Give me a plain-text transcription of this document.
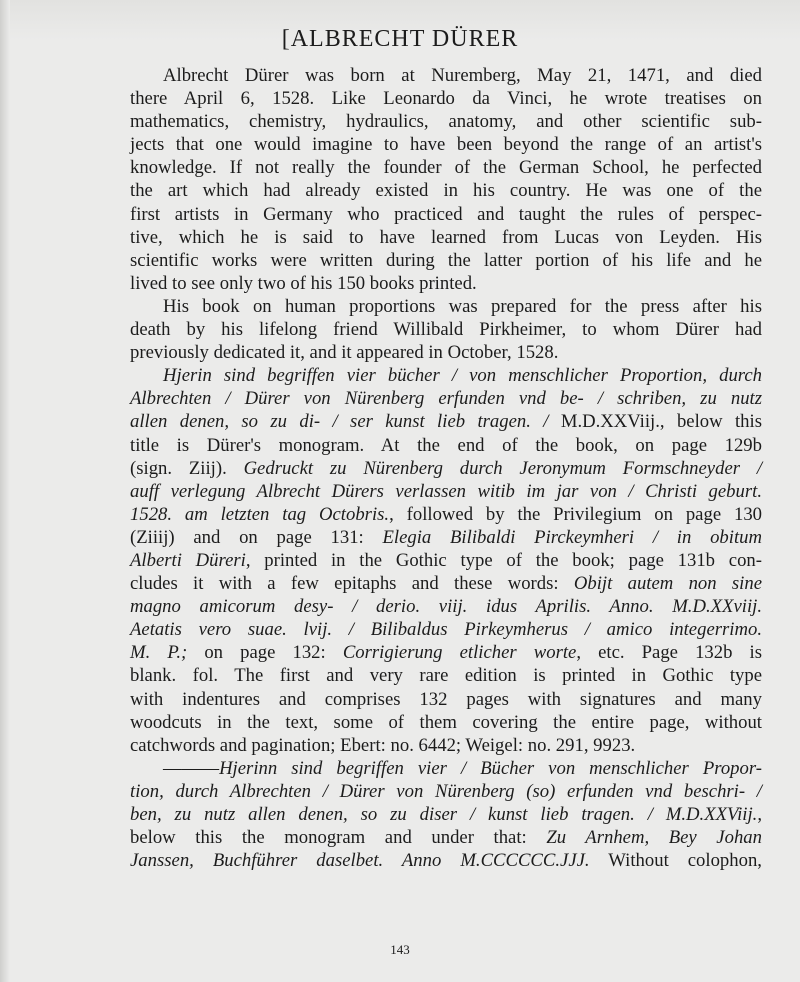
[ALBRECHT DÜRER

Albrecht Dürer was born at Nuremberg, May 21, 1471, and died
there April 6, 1528. Like Leonardo da Vinci, he wrote treatises on
mathematics, chemistry, hydraulics, anatomy, and other scientific sub-
jects that one would imagine to have been beyond the range of an artist's
knowledge. If not really the founder of the German School, he perfected
the art which had already existed in his country. He was one of the
first artists in Germany who practiced and taught the rules of perspec-
tive, which he is said to have learned from Lucas von Leyden. His
scientific works were written during the latter portion of his life and he
lived to see only two of his 150 books printed.

His book on human proportions was prepared for the press after his
death by his lifelong friend Willibald Pirkheimer, to whom Dürer had
previously dedicated it, and it appeared in October, 1528.

Hjerin sind begriffen vier bücher / von menschlicher Proportion, durch
Albrechten / Dürer von Nürenberg erfunden vnd be- / schriben, zu nutz
allen denen, so zu di- / ser kunst lieb tragen. / M.D.XXViij., below this
title is Dürer's monogram. At the end of the book, on page 129b
(sign. Ziij). Gedruckt zu Nürenberg durch Jeronymum Formschneyder /
auff verlegung Albrecht Dürers verlassen witib im jar von / Christi geburt.
1528. am letzten tag Octobris., followed by the Privilegium on page 130
(Ziiij) and on page 131: Elegia Bilibaldi Pirckeymheri / in obitum
Alberti Düreri, printed in the Gothic type of the book; page 131b con-
cludes it with a few epitaphs and these words: Obijt autem non sine
magno amicorum desy- / derio. viij. idus Aprilis. Anno. M.D.XXviij.
Aetatis vero suae. lvij. / Bilibaldus Pirkeymherus / amico integerrimo.
M. P.; on page 132: Corrigierung etlicher worte, etc. Page 132b is
blank. fol. The first and very rare edition is printed in Gothic type
with indentures and comprises 132 pages with signatures and many
woodcuts in the text, some of them covering the entire page, without
catchwords and pagination; Ebert: no. 6442; Weigel: no. 291, 9923.

———Hjerinn sind begriffen vier / Bücher von menschlicher Propor-
tion, durch Albrechten / Dürer von Nürenberg (so) erfunden vnd beschri- /
ben, zu nutz allen denen, so zu diser / kunst lieb tragen. / M.D.XXViij.,
below this the monogram and under that: Zu Arnhem, Bey Johan
Janssen, Buchführer daselbet. Anno M.CCCCCC.JJJ. Without colophon,

143
